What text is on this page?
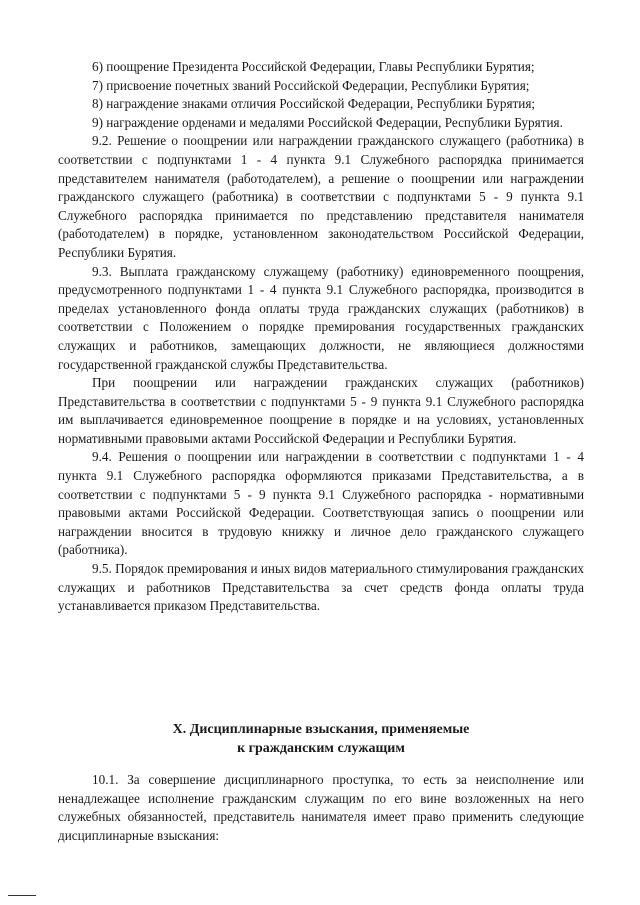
6) поощрение Президента Российской Федерации, Главы Республики Бурятия;

7) присвоение почетных званий Российской Федерации, Республики Бурятия;

8) награждение знаками отличия Российской Федерации, Республики Бурятия;

9) награждение орденами и медалями Российской Федерации, Республики Бурятия.

9.2. Решение о поощрении или награждении гражданского служащего (работника) в соответствии с подпунктами 1 - 4 пункта 9.1 Служебного распорядка принимается представителем нанимателя (работодателем), а решение о поощрении или награждении гражданского служащего (работника) в соответствии с подпунктами 5 - 9 пункта 9.1 Служебного распорядка принимается по представлению представителя нанимателя (работодателем) в порядке, установленном законодательством Российской Федерации, Республики Бурятия.

9.3. Выплата гражданскому служащему (работнику) единовременного поощрения, предусмотренного подпунктами 1 - 4 пункта 9.1 Служебного распорядка, производится в пределах установленного фонда оплаты труда гражданских служащих (работников) в соответствии с Положением о порядке премирования государственных гражданских служащих и работников, замещающих должности, не являющиеся должностями государственной гражданской службы Представительства.

При поощрении или награждении гражданских служащих (работников) Представительства в соответствии с подпунктами 5 - 9 пункта 9.1 Служебного распорядка им выплачивается единовременное поощрение в порядке и на условиях, установленных нормативными правовыми актами Российской Федерации и Республики Бурятия.

9.4. Решения о поощрении или награждении в соответствии с подпунктами 1 - 4 пункта 9.1 Служебного распорядка оформляются приказами Представительства, а в соответствии с подпунктами 5 - 9 пункта 9.1 Служебного распорядка - нормативными правовыми актами Российской Федерации. Соответствующая запись о поощрении или награждении вносится в трудовую книжку и личное дело гражданского служащего (работника).

9.5. Порядок премирования и иных видов материального стимулирования гражданских служащих и работников Представительства за счет средств фонда оплаты труда устанавливается приказом Представительства.

X. Дисциплинарные взыскания, применяемые
к гражданским служащим

10.1. За совершение дисциплинарного проступка, то есть за неисполнение или ненадлежащее исполнение гражданским служащим по его вине возложенных на него служебных обязанностей, представитель нанимателя имеет право применить следующие дисциплинарные взыскания:
